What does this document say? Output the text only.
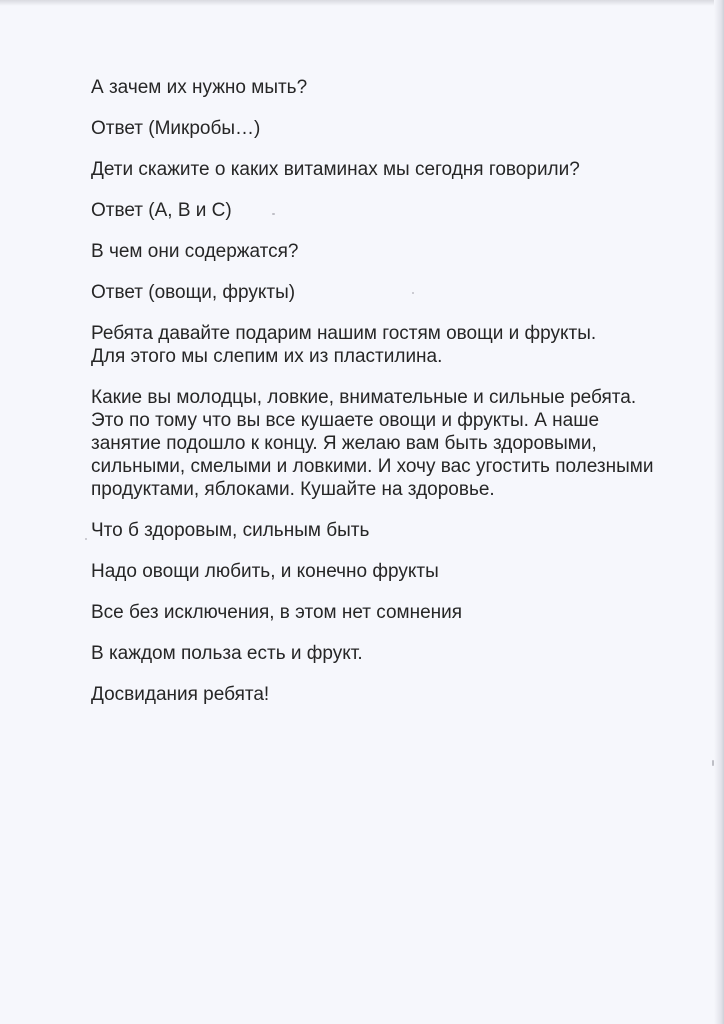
А зачем их нужно мыть?

Ответ (Микробы…)

Дети скажите о каких витаминах мы сегодня говорили?

Ответ (А, В и С)

В чем они содержатся?

Ответ (овощи, фрукты)

Ребята давайте подарим нашим гостям овощи и фрукты. Для этого мы слепим их из пластилина.

Какие вы молодцы, ловкие, внимательные и сильные ребята. Это по тому что вы все кушаете овощи и фрукты. А наше занятие подошло к концу. Я желаю вам быть здоровыми, сильными, смелыми и ловкими. И хочу вас угостить полезными продуктами, яблоками. Кушайте на здоровье.

Что б здоровым, сильным быть

Надо овощи любить, и конечно фрукты

Все без исключения, в этом нет сомнения

В каждом польза есть и фрукт.

Досвидания ребята!
